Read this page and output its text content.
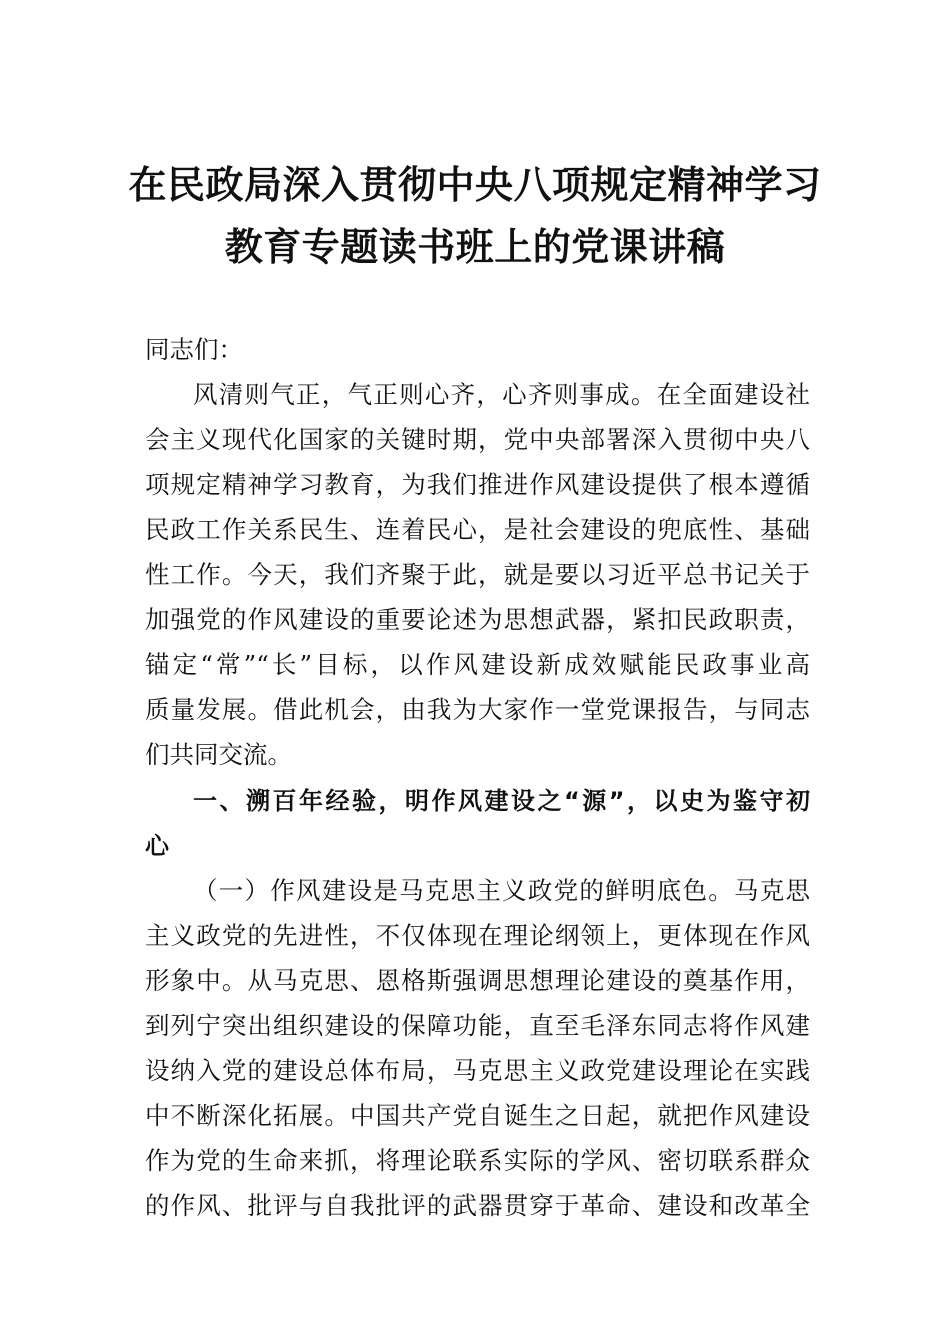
在民政局深入贯彻中央八项规定精神学习
教育专题读书班上的党课讲稿
同志们：
风清则气正，气正则心齐，心齐则事成。在全面建设社
会主义现代化国家的关键时期，党中央部署深入贯彻中央八
项规定精神学习教育，为我们推进作风建设提供了根本遵循
民政工作关系民生、连着民心，是社会建设的兜底性、基础
性工作。今天，我们齐聚于此，就是要以习近平总书记关于
加强党的作风建设的重要论述为思想武器，紧扣民政职责，
锚定“常”“长”目标，以作风建设新成效赋能民政事业高
质量发展。借此机会，由我为大家作一堂党课报告，与同志
们共同交流。
一、溯百年经验，明作风建设之“源”，以史为鉴守初
心
（一）作风建设是马克思主义政党的鲜明底色。马克思
主义政党的先进性，不仅体现在理论纲领上，更体现在作风
形象中。从马克思、恩格斯强调思想理论建设的奠基作用，
到列宁突出组织建设的保障功能，直至毛泽东同志将作风建
设纳入党的建设总体布局，马克思主义政党建设理论在实践
中不断深化拓展。中国共产党自诞生之日起，就把作风建设
作为党的生命来抓，将理论联系实际的学风、密切联系群众
的作风、批评与自我批评的武器贯穿于革命、建设和改革全
